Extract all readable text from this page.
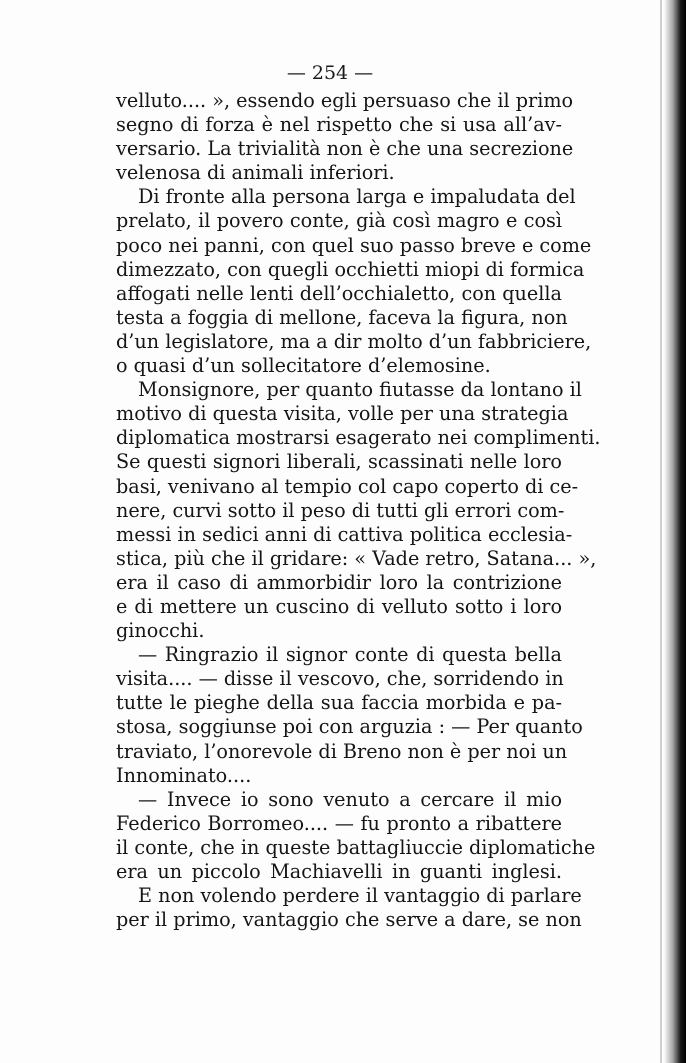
— 254 —
velluto.... », essendo egli persuaso che il primo
segno di forza è nel rispetto che si usa all’av-
versario. La trivialità non è che una secrezione
velenosa di animali inferiori.
Di fronte alla persona larga e impaludata del
prelato, il povero conte, già così magro e così
poco nei panni, con quel suo passo breve e come
dimezzato, con quegli occhietti miopi di formica
affogati nelle lenti dell’occhialetto, con quella
testa a foggia di mellone, faceva la figura, non
d’un legislatore, ma a dir molto d’un fabbriciere,
o quasi d’un sollecitatore d’elemosine.
Monsignore, per quanto fiutasse da lontano il
motivo di questa visita, volle per una strategia
diplomatica mostrarsi esagerato nei complimenti.
Se questi signori liberali, scassinati nelle loro
basi, venivano al tempio col capo coperto di ce-
nere, curvi sotto il peso di tutti gli errori com-
messi in sedici anni di cattiva politica ecclesia-
stica, più che il gridare: « Vade retro, Satana... »,
era il caso di ammorbidir loro la contrizione
e di mettere un cuscino di velluto sotto i loro
ginocchi.
— Ringrazio il signor conte di questa bella
visita.... — disse il vescovo, che, sorridendo in
tutte le pieghe della sua faccia morbida e pa-
stosa, soggiunse poi con arguzia : — Per quanto
traviato, l’onorevole di Breno non è per noi un
Innominato....
— Invece io sono venuto a cercare il mio
Federico Borromeo.... — fu pronto a ribattere
il conte, che in queste battagliuccie diplomatiche
era un piccolo Machiavelli in guanti inglesi.
E non volendo perdere il vantaggio di parlare
per il primo, vantaggio che serve a dare, se non
